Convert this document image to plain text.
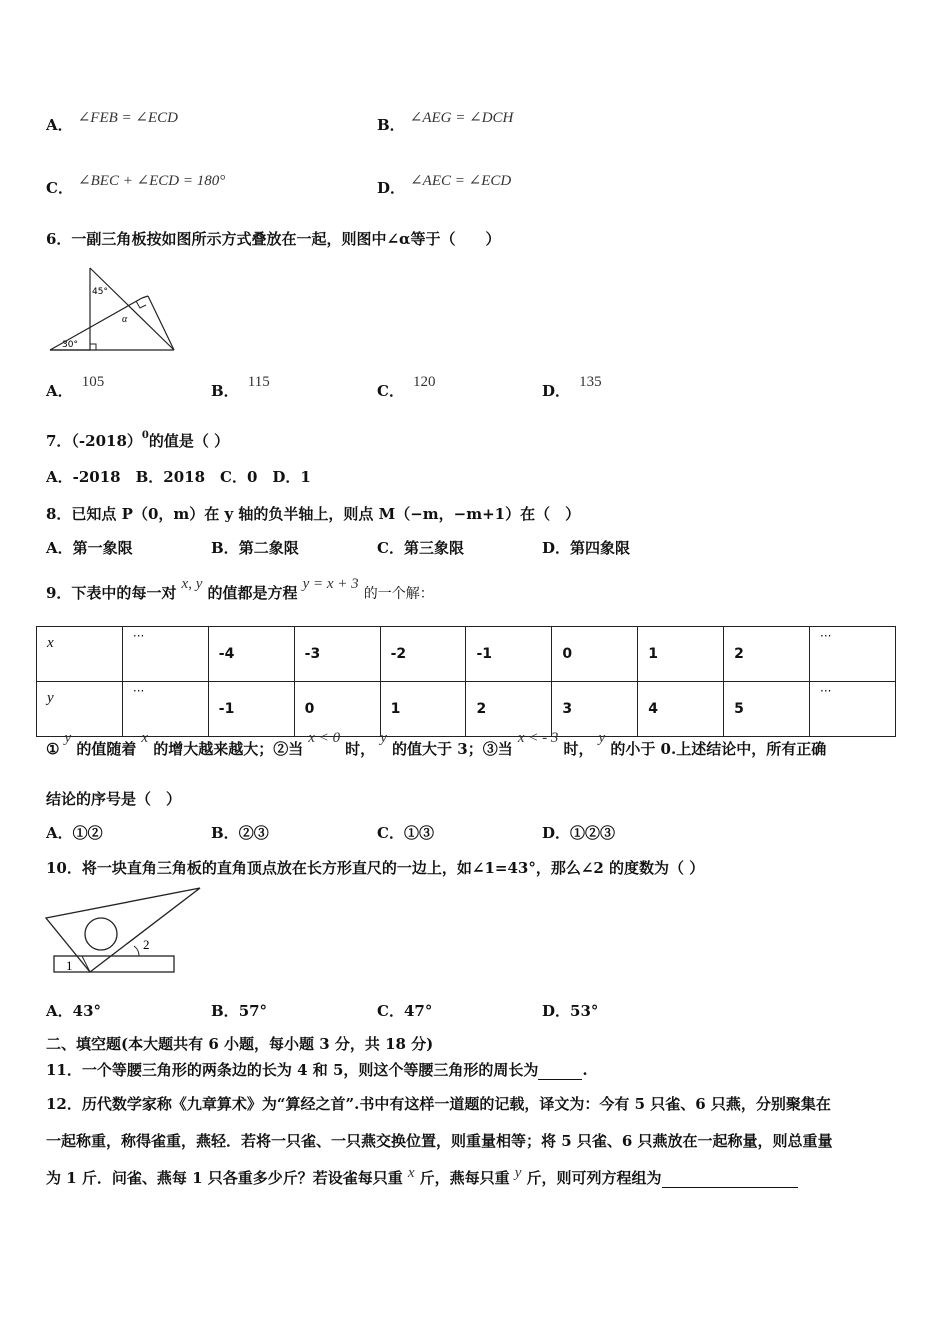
A． ∠FEB = ∠ECD	B． ∠AEG = ∠DCH
C． ∠BEC + ∠ECD = 180°	D． ∠AEC = ∠ECD
6．一副三角板按如图所示方式叠放在一起，则图中∠α等于（　　）
45°
α
30°
A． 105	B． 115	C． 120	D． 135
7．$(-2018)^0$的值是（ ）
A．-2018　B．2018　C．0　D．1
8．已知点 P（0，m）在 y 轴的负半轴上，则点 M（−m，−m+1）在（　）
A．第一象限	B．第二象限	C．第三象限	D．第四象限
9．下表中的每一对 x, y 的值都是方程 y = x + 3 的一个解：
x	···	-4	-3	-2	-1	0	1	2	···
y	···	-1	0	1	2	3	4	5	···
① y 的值随着 x 的增大越来越大；②当 x < 0 时， y 的值大于 3；③当 x < - 3 时， y 的小于 0.上述结论中，所有正确
结论的序号是（　）
A．①②	B．②③	C．①③	D．①②③
10．将一块直角三角板的直角顶点放在长方形直尺的一边上，如∠1=43°，那么∠2 的度数为（ ）
1
2
A．43°	B．57°	C．47°	D．53°
二、填空题(本大题共有 6 小题，每小题 3 分，共 18 分)
11．一个等腰三角形的两条边的长为 4 和 5，则这个等腰三角形的周长为	.
12．历代数学家称《九章算术》为“算经之首”.书中有这样一道题的记载，译文为：今有 5 只雀、6 只燕，分别聚集在
一起称重，称得雀重，燕轻．若将一只雀、一只燕交换位置，则重量相等；将 5 只雀、6 只燕放在一起称量，则总重量
为 1 斤．问雀、燕每 1 只各重多少斤？若设雀每只重 x 斤，燕每只重 y 斤，则可列方程组为
